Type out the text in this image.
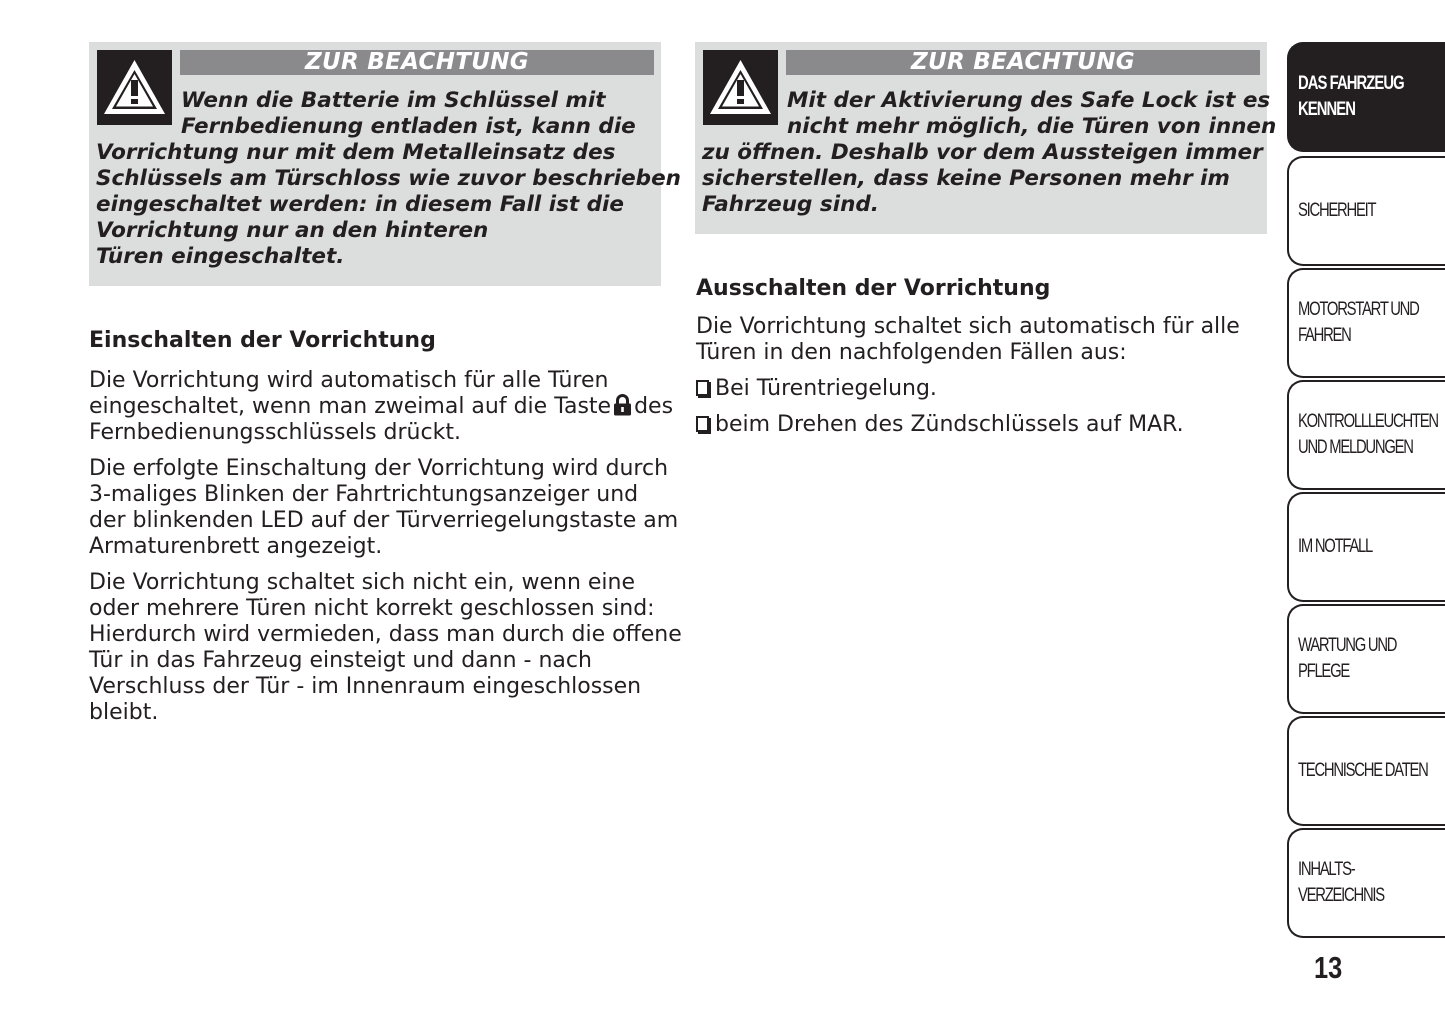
ZUR BEACHTUNG

Wenn die Batterie im Schlüssel mit
Fernbedienung entladen ist, kann die
Vorrichtung nur mit dem Metalleinsatz des
Schlüssels am Türschloss wie zuvor beschrieben
eingeschaltet werden: in diesem Fall ist die
Vorrichtung nur an den hinteren
Türen eingeschaltet.

ZUR BEACHTUNG

Mit der Aktivierung des Safe Lock ist es
nicht mehr möglich, die Türen von innen
zu öffnen. Deshalb vor dem Aussteigen immer
sicherstellen, dass keine Personen mehr im
Fahrzeug sind.

Einschalten der Vorrichtung

Die Vorrichtung wird automatisch für alle Türen
eingeschaltet, wenn man zweimal auf die Taste des
Fernbedienungsschlüssels drückt.

Die erfolgte Einschaltung der Vorrichtung wird durch
3-maliges Blinken der Fahrtrichtungsanzeiger und
der blinkenden LED auf der Türverriegelungstaste am
Armaturenbrett angezeigt.

Die Vorrichtung schaltet sich nicht ein, wenn eine
oder mehrere Türen nicht korrekt geschlossen sind:
Hierdurch wird vermieden, dass man durch die offene
Tür in das Fahrzeug einsteigt und dann - nach
Verschluss der Tür - im Innenraum eingeschlossen
bleibt.

Ausschalten der Vorrichtung

Die Vorrichtung schaltet sich automatisch für alle
Türen in den nachfolgenden Fällen aus:

Bei Türentriegelung.

beim Drehen des Zündschlüssels auf MAR.

DAS FAHRZEUG
KENNEN
SICHERHEIT
MOTORSTART UND
FAHREN
KONTROLLLEUCHTEN
UND MELDUNGEN
IM NOTFALL
WARTUNG UND
PFLEGE
TECHNISCHE DATEN
INHALTS-
VERZEICHNIS
13
